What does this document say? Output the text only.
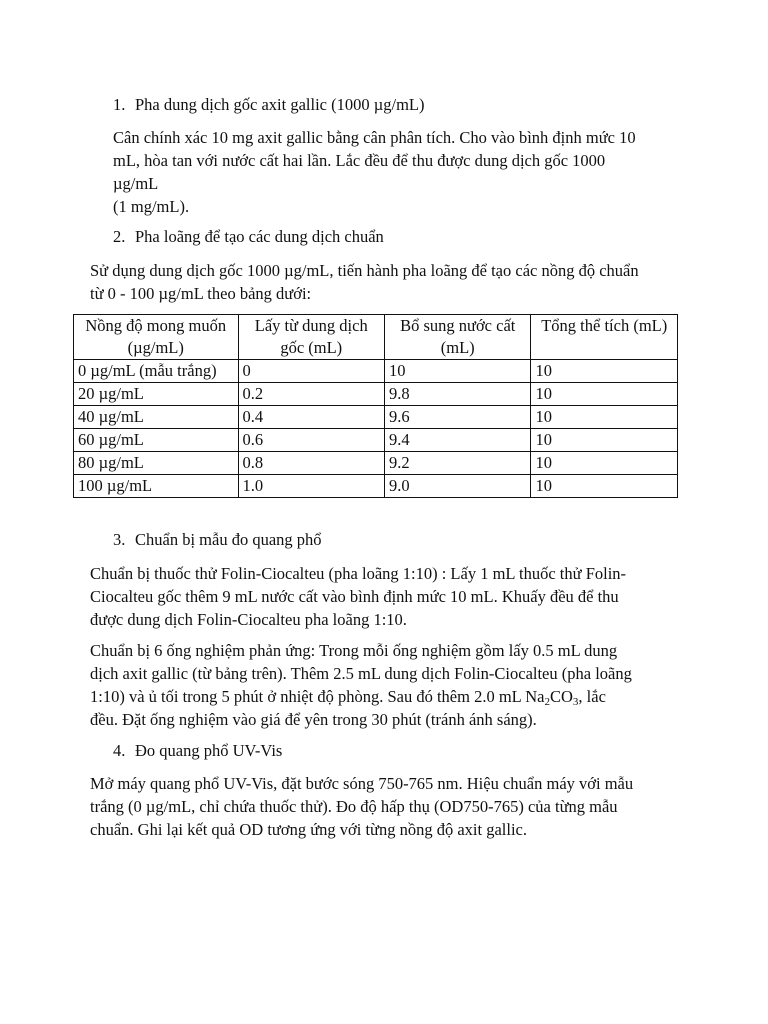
1. Pha dung dịch gốc axit gallic (1000 µg/mL)

Cân chính xác 10 mg axit gallic bằng cân phân tích. Cho vào bình định mức 10
mL, hòa tan với nước cất hai lần. Lắc đều để thu được dung dịch gốc 1000
µg/mL
(1 mg/mL).

2. Pha loãng để tạo các dung dịch chuẩn

Sử dụng dung dịch gốc 1000 µg/mL, tiến hành pha loãng để tạo các nồng độ chuẩn
từ 0 - 100 µg/mL theo bảng dưới:

Nồng độ mong muốn (µg/mL)	Lấy từ dung dịch gốc (mL)	Bổ sung nước cất (mL)	Tổng thể tích (mL)
0 µg/mL (mẫu trắng)	0	10	10
20 µg/mL	0.2	9.8	10
40 µg/mL	0.4	9.6	10
60 µg/mL	0.6	9.4	10
80 µg/mL	0.8	9.2	10
100 µg/mL	1.0	9.0	10
3. Chuẩn bị mẫu đo quang phổ

Chuẩn bị thuốc thử Folin-Ciocalteu (pha loãng 1:10) : Lấy 1 mL thuốc thử Folin-
Ciocalteu gốc thêm 9 mL nước cất vào bình định mức 10 mL. Khuấy đều để thu
được dung dịch Folin-Ciocalteu pha loãng 1:10.

Chuẩn bị 6 ống nghiệm phản ứng: Trong mỗi ống nghiệm gồm lấy 0.5 mL dung
dịch axit gallic (từ bảng trên). Thêm 2.5 mL dung dịch Folin-Ciocalteu (pha loãng
1:10) và ủ tối trong 5 phút ở nhiệt độ phòng. Sau đó thêm 2.0 mL $Na_2CO_3$, lắc
đều. Đặt ống nghiệm vào giá để yên trong 30 phút (tránh ánh sáng).

4. Đo quang phổ UV-Vis

Mở máy quang phổ UV-Vis, đặt bước sóng 750-765 nm. Hiệu chuẩn máy với mẫu
trắng (0 µg/mL, chỉ chứa thuốc thử). Đo độ hấp thụ (OD750-765) của từng mẫu
chuẩn. Ghi lại kết quả OD tương ứng với từng nồng độ axit gallic.
